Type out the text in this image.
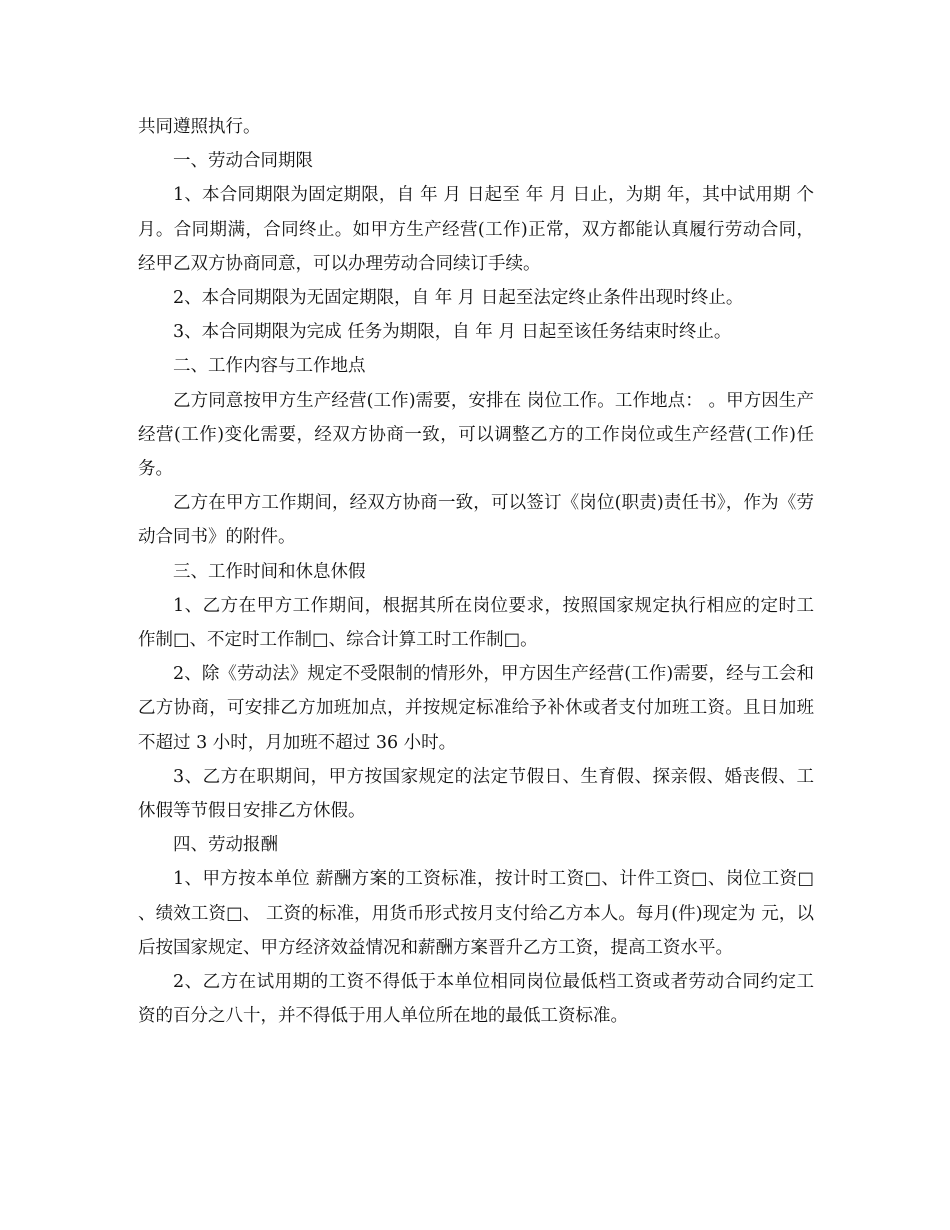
共同遵照执行。

一、劳动合同期限

1、本合同期限为固定期限，自 年 月 日起至 年 月 日止，为期 年，其中试用期 个月。合同期满，合同终止。如甲方生产经营(工作)正常，双方都能认真履行劳动合同，经甲乙双方协商同意，可以办理劳动合同续订手续。

2、本合同期限为无固定期限，自 年 月 日起至法定终止条件出现时终止。

3、本合同期限为完成 任务为期限，自 年 月 日起至该任务结束时终止。

二、工作内容与工作地点

乙方同意按甲方生产经营(工作)需要，安排在 岗位工作。工作地点： 。甲方因生产经营(工作)变化需要，经双方协商一致，可以调整乙方的工作岗位或生产经营(工作)任务。

乙方在甲方工作期间，经双方协商一致，可以签订《岗位(职责)责任书》，作为《劳动合同书》的附件。

三、工作时间和休息休假

1、乙方在甲方工作期间，根据其所在岗位要求，按照国家规定执行相应的定时工作制□、不定时工作制□、综合计算工时工作制□。

2、除《劳动法》规定不受限制的情形外，甲方因生产经营(工作)需要，经与工会和乙方协商，可安排乙方加班加点，并按规定标准给予补休或者支付加班工资。且日加班不超过 3 小时，月加班不超过 36 小时。

3、乙方在职期间，甲方按国家规定的法定节假日、生育假、探亲假、婚丧假、工休假等节假日安排乙方休假。

四、劳动报酬

1、甲方按本单位 薪酬方案的工资标准，按计时工资□、计件工资□、岗位工资□ 、绩效工资□、 工资的标准，用货币形式按月支付给乙方本人。每月(件)现定为 元，以后按国家规定、甲方经济效益情况和薪酬方案晋升乙方工资，提高工资水平。

2、乙方在试用期的工资不得低于本单位相同岗位最低档工资或者劳动合同约定工资的百分之八十，并不得低于用人单位所在地的最低工资标准。
